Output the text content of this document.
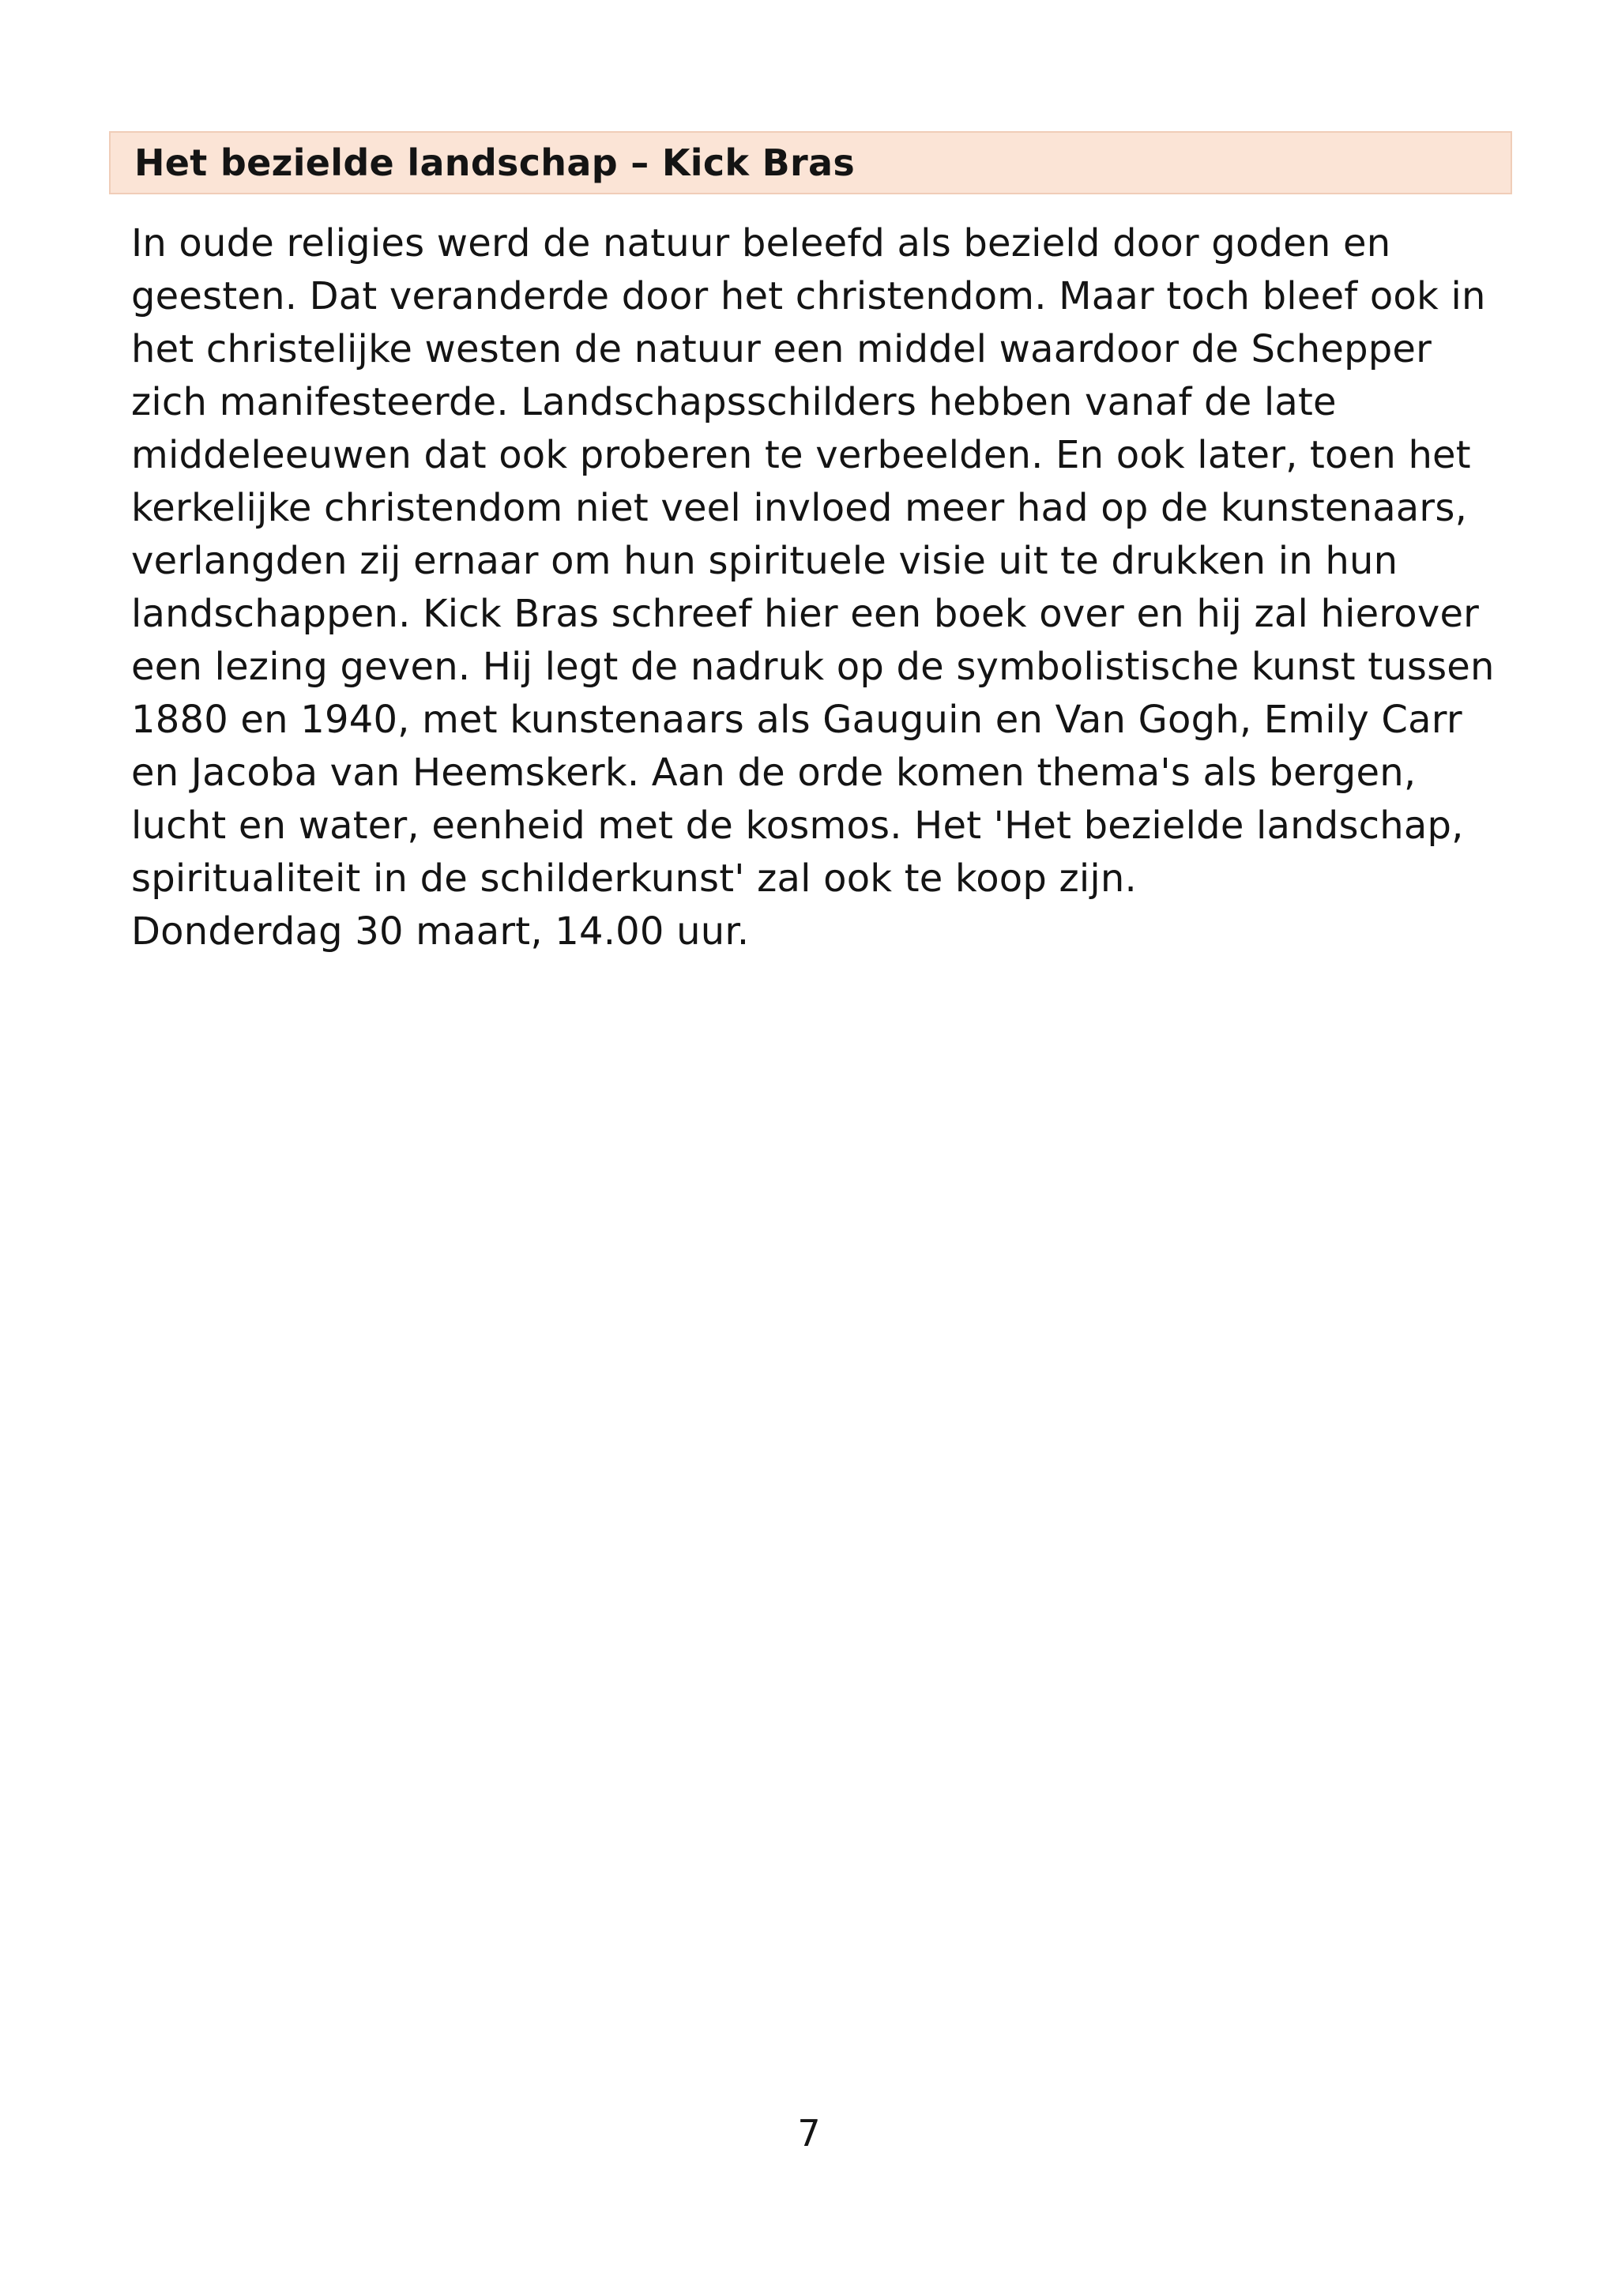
Het bezielde landschap – Kick Bras
In oude religies werd de natuur beleefd als bezield door goden en
geesten. Dat veranderde door het christendom. Maar toch bleef ook in
het christelijke westen de natuur een middel waardoor de Schepper
zich manifesteerde. Landschapsschilders hebben vanaf de late
middeleeuwen dat ook proberen te verbeelden. En ook later, toen het
kerkelijke christendom niet veel invloed meer had op de kunstenaars,
verlangden zij ernaar om hun spirituele visie uit te drukken in hun
landschappen. Kick Bras schreef hier een boek over en hij zal hierover
een lezing geven. Hij legt de nadruk op de symbolistische kunst tussen
1880 en 1940, met kunstenaars als Gauguin en Van Gogh, Emily Carr
en Jacoba van Heemskerk. Aan de orde komen thema's als bergen,
lucht en water, eenheid met de kosmos. Het 'Het bezielde landschap,
spiritualiteit in de schilderkunst' zal ook te koop zijn.
Donderdag 30 maart, 14.00 uur.
7
